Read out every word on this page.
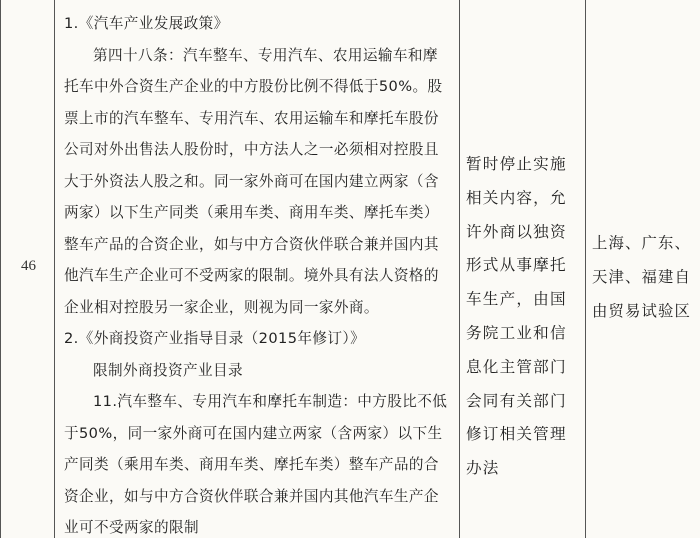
46
1.《汽车产业发展政策》
第四十八条：汽车整车、专用汽车、农用运输车和摩托车中外合资生产企业的中方股份比例不得低于50%。股票上市的汽车整车、专用汽车、农用运输车和摩托车股份公司对外出售法人股份时，中方法人之一必须相对控股且大于外资法人股之和。同一家外商可在国内建立两家（含两家）以下生产同类（乘用车类、商用车类、摩托车类）整车产品的合资企业，如与中方合资伙伴联合兼并国内其他汽车生产企业可不受两家的限制。境外具有法人资格的企业相对控股另一家企业，则视为同一家外商。
2.《外商投资产业指导目录（2015年修订）》
限制外商投资产业目录
11.汽车整车、专用汽车和摩托车制造：中方股比不低于50%，同一家外商可在国内建立两家（含两家）以下生产同类（乘用车类、商用车类、摩托车类）整车产品的合资企业，如与中方合资伙伴联合兼并国内其他汽车生产企业可不受两家的限制
暂时停止实施相关内容，允许外商以独资形式从事摩托车生产，由国务院工业和信息化主管部门会同有关部门修订相关管理办法
上海、广东、天津、福建自由贸易试验区
